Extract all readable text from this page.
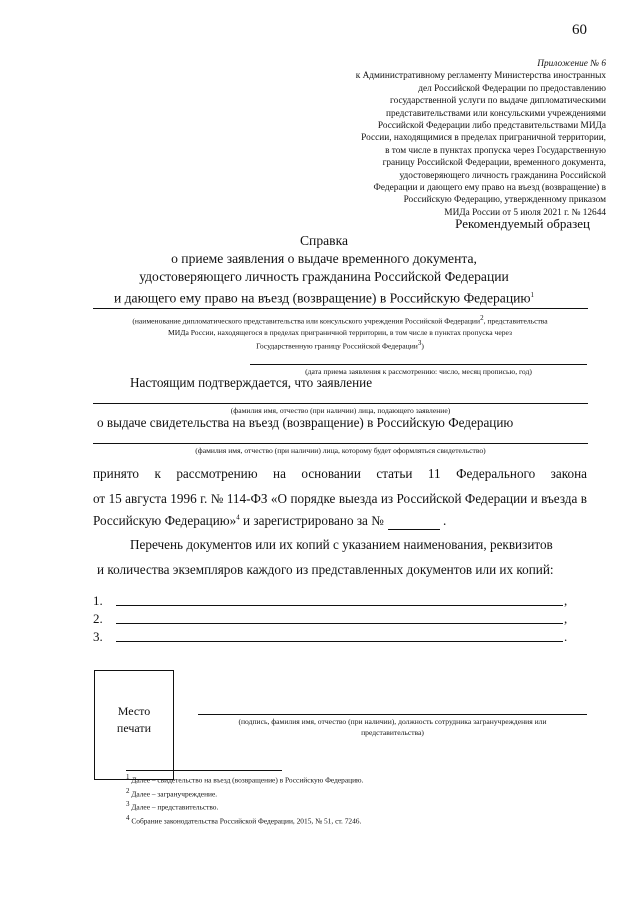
60
Приложение № 6
к Административному регламенту Министерства иностранных
дел Российской Федерации по предоставлению
государственной услуги по выдаче дипломатическими
представительствами или консульскими учреждениями
Российской Федерации либо представительствами МИДа
России, находящимися в пределах приграничной территории,
в том числе в пунктах пропуска через Государственную
границу Российской Федерации, временного документа,
удостоверяющего личность гражданина Российской
Федерации и дающего ему право на въезд (возвращение) в
Российскую Федерацию, утвержденному приказом
МИДа России от 5 июля 2021 г. № 12644
Рекомендуемый образец
Справка
о приеме заявления о выдаче временного документа,
удостоверяющего личность гражданина Российской Федерации
и дающего ему право на въезд (возвращение) в Российскую Федерацию$^1$
(наименование дипломатического представительства или консульского учреждения Российской Федерации$^2$, представительства
МИДа России, находящегося в пределах приграничной территории, в том числе в пунктах пропуска через
Государственную границу Российской Федерации$^3$)
(дата приема заявления к рассмотрению: число, месяц прописью, год)
Настоящим подтверждается, что заявление
(фамилия имя, отчество (при наличии) лица, подающего заявление)
о выдаче свидетельства на въезд (возвращение) в Российскую Федерацию
(фамилия имя, отчество (при наличии) лица, которому будет оформляться свидетельство)
принято к рассмотрению на основании статьи 11 Федерального закона
от 15 августа 1996 г. № 114-ФЗ «О порядке выезда из Российской Федерации и въезда в
Российскую Федерацию»$^4$ и зарегистрировано за №	.
Перечень документов или их копий с указанием наименования, реквизитов
и количества экземпляров каждого из представленных документов или их копий:
1.	,
2.	,
3.	.
Место
печати	(подпись, фамилия имя, отчество (при наличии), должность сотрудника загранучреждения или
представительства)
$^1$ Далее – свидетельство на въезд (возвращение) в Российскую Федерацию.
$^2$ Далее – загранучреждение.
$^3$ Далее – представительство.
$^4$ Собрание законодательства Российской Федерации, 2015, № 51, ст. 7246.
